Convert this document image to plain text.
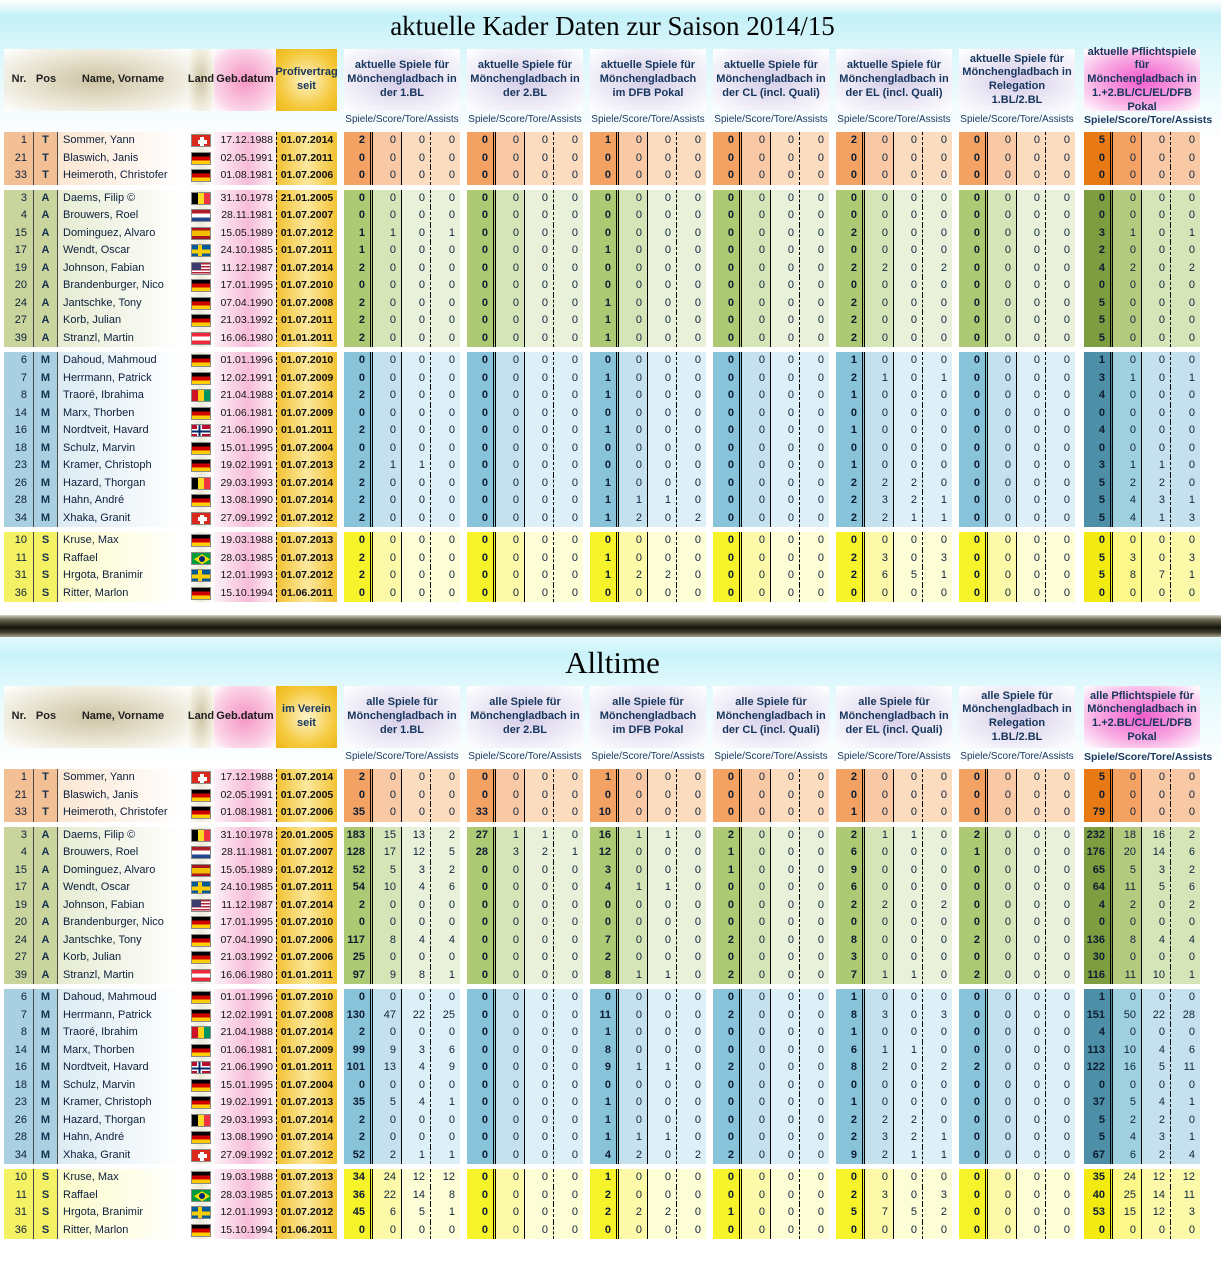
aktuelle Kader Daten zur Saison 2014/15
Nr. Pos	Name, Vorname	Land Geb.datum
Profivertrag seit
aktuelle Spiele für Mönchengladbach in der 1.BL
aktuelle Spiele für Mönchengladbach in der 2.BL
aktuelle Spiele für Mönchengladbach im DFB Pokal
aktuelle Spiele für Mönchengladbach in der CL (incl. Quali)
aktuelle Spiele für Mönchengladbach in der EL (incl. Quali)
aktuelle Spiele für Mönchengladbach in Relegation 1.BL/2.BL
aktuelle Pflichtspiele für Mönchengladbach in 1.+2.BL/CL/EL/DFB Pokal
Spiele/Score/Tore/Assists Spiele/Score/Tore/Assists Spiele/Score/Tore/Assists Spiele/Score/Tore/Assists Spiele/Score/Tore/Assists Spiele/Score/Tore/Assists Spiele/Score/Tore/Assists
1	T	Sommer, Yann	17.12.1988 01.07.2014	2	0	0	0	0	0	0	0	1	0	0	0	0	0	0	0	2	0	0	0	0	0	0	0	5	0	0	0
21	T	Blaswich, Janis	02.05.1991 01.07.2011	0	0	0	0	0	0	0	0	0	0	0	0	0	0	0	0	0	0	0	0	0	0	0	0	0	0	0	0
33	T	Heimeroth, Christofer	01.08.1981 01.07.2006	0	0	0	0	0	0	0	0	0	0	0	0	0	0	0	0	0	0	0	0	0	0	0	0	0	0	0	0
3	A	Daems, Filip ©	31.10.1978 21.01.2005	0	0	0	0	0	0	0	0	0	0	0	0	0	0	0	0	0	0	0	0	0	0	0	0	0	0	0	0
4	A	Brouwers, Roel	28.11.1981 01.07.2007	0	0	0	0	0	0	0	0	0	0	0	0	0	0	0	0	0	0	0	0	0	0	0	0	0	0	0	0
15	A	Dominguez, Alvaro	15.05.1989 01.07.2012	1	1	0	1	0	0	0	0	0	0	0	0	0	0	0	0	2	0	0	0	0	0	0	0	3	1	0	1
17	A	Wendt, Oscar	24.10.1985 01.07.2011	1	0	0	0	0	0	0	0	1	0	0	0	0	0	0	0	0	0	0	0	0	0	0	0	2	0	0	0
19	A	Johnson, Fabian	11.12.1987 01.07.2014	2	0	0	0	0	0	0	0	0	0	0	0	0	0	0	0	2	2	0	2	0	0	0	0	4	2	0	2
20	A	Brandenburger, Nico	17.01.1995 01.07.2010	0	0	0	0	0	0	0	0	0	0	0	0	0	0	0	0	0	0	0	0	0	0	0	0	0	0	0	0
24	A	Jantschke, Tony	07.04.1990 01.07.2008	2	0	0	0	0	0	0	0	1	0	0	0	0	0	0	0	2	0	0	0	0	0	0	0	5	0	0	0
27	A	Korb, Julian	21.03.1992 01.07.2011	2	0	0	0	0	0	0	0	1	0	0	0	0	0	0	0	2	0	0	0	0	0	0	0	5	0	0	0
39	A	Stranzl, Martin	16.06.1980 01.01.2011	2	0	0	0	0	0	0	0	1	0	0	0	0	0	0	0	2	0	0	0	0	0	0	0	5	0	0	0
6	M	Dahoud, Mahmoud	01.01.1996 01.07.2010	0	0	0	0	0	0	0	0	0	0	0	0	0	0	0	0	1	0	0	0	0	0	0	0	1	0	0	0
7	M	Herrmann, Patrick	12.02.1991 01.07.2009	0	0	0	0	0	0	0	0	1	0	0	0	0	0	0	0	2	1	0	1	0	0	0	0	3	1	0	1
8	M	Traoré, Ibrahima	21.04.1988 01.07.2014	2	0	0	0	0	0	0	0	1	0	0	0	0	0	0	0	1	0	0	0	0	0	0	0	4	0	0	0
14	M	Marx, Thorben	01.06.1981 01.07.2009	0	0	0	0	0	0	0	0	0	0	0	0	0	0	0	0	0	0	0	0	0	0	0	0	0	0	0	0
16	M	Nordtveit, Havard	21.06.1990 01.01.2011	2	0	0	0	0	0	0	0	1	0	0	0	0	0	0	0	1	0	0	0	0	0	0	0	4	0	0	0
18	M	Schulz, Marvin	15.01.1995 01.07.2004	0	0	0	0	0	0	0	0	0	0	0	0	0	0	0	0	0	0	0	0	0	0	0	0	0	0	0	0
23	M	Kramer, Christoph	19.02.1991 01.07.2013	2	1	1	0	0	0	0	0	0	0	0	0	0	0	0	0	1	0	0	0	0	0	0	0	3	1	1	0
26	M	Hazard, Thorgan	29.03.1993 01.07.2014	2	0	0	0	0	0	0	0	1	0	0	0	0	0	0	0	2	2	2	0	0	0	0	0	5	2	2	0
28	M	Hahn, André	13.08.1990 01.07.2014	2	0	0	0	0	0	0	0	1	1	1	0	0	0	0	0	2	3	2	1	0	0	0	0	5	4	3	1
34	M	Xhaka, Granit	27.09.1992 01.07.2012	2	0	0	0	0	0	0	0	1	2	0	2	0	0	0	0	2	2	1	1	0	0	0	0	5	4	1	3
10	S	Kruse, Max	19.03.1988 01.07.2013	0	0	0	0	0	0	0	0	0	0	0	0	0	0	0	0	0	0	0	0	0	0	0	0	0	0	0	0
11	S	Raffael	28.03.1985 01.07.2013	2	0	0	0	0	0	0	0	1	0	0	0	0	0	0	0	2	3	0	3	0	0	0	0	5	3	0	3
31	S	Hrgota, Branimir	12.01.1993 01.07.2012	2	0	0	0	0	0	0	0	1	2	2	0	0	0	0	0	2	6	5	1	0	0	0	0	5	8	7	1
36	S	Ritter, Marlon	15.10.1994 01.06.2011	0	0	0	0	0	0	0	0	0	0	0	0	0	0	0	0	0	0	0	0	0	0	0	0	0	0	0	0
Alltime
Nr. Pos	Name, Vorname	Land Geb.datum
im Verein seit
alle Spiele für Mönchengladbach in der 1.BL
alle Spiele für Mönchengladbach in der 2.BL
alle Spiele für Mönchengladbach im DFB Pokal
alle Spiele für Mönchengladbach in der CL (incl. Quali)
alle Spiele für Mönchengladbach in der EL (incl. Quali)
alle Spiele für Mönchengladbach in Relegation 1.BL/2.BL
alle Pflichtspiele für Mönchengladbach in 1.+2.BL/CL/EL/DFB Pokal
Spiele/Score/Tore/Assists Spiele/Score/Tore/Assists Spiele/Score/Tore/Assists Spiele/Score/Tore/Assists Spiele/Score/Tore/Assists Spiele/Score/Tore/Assists Spiele/Score/Tore/Assists
1	T	Sommer, Yann	17.12.1988 01.07.2014	2	0	0	0	0	0	0	0	1	0	0	0	0	0	0	0	2	0	0	0	0	0	0	0	5	0	0	0
21	T	Blaswich, Janis	02.05.1991 01.07.2005	0	0	0	0	0	0	0	0	0	0	0	0	0	0	0	0	0	0	0	0	0	0	0	0	0	0	0	0
33	T	Heimeroth, Christofer	01.08.1981 01.07.2006	35	0	0	0	33	0	0	0	10	0	0	0	0	0	0	0	1	0	0	0	0	0	0	0	79	0	0	0
3	A	Daems, Filip ©	31.10.1978 20.01.2005	183	15	13	2	27	1	1	0	16	1	1	0	2	0	0	0	2	1	1	0	2	0	0	0	232	18	16	2
4	A	Brouwers, Roel	28.11.1981 01.07.2007	128	17	12	5	28	3	2	1	12	0	0	0	1	0	0	0	6	0	0	0	1	0	0	0	176	20	14	6
15	A	Dominguez, Alvaro	15.05.1989 01.07.2012	52	5	3	2	0	0	0	0	3	0	0	0	1	0	0	0	9	0	0	0	0	0	0	0	65	5	3	2
17	A	Wendt, Oscar	24.10.1985 01.07.2011	54	10	4	6	0	0	0	0	4	1	1	0	0	0	0	0	6	0	0	0	0	0	0	0	64	11	5	6
19	A	Johnson, Fabian	11.12.1987 01.07.2014	2	0	0	0	0	0	0	0	0	0	0	0	0	0	0	0	2	2	0	2	0	0	0	0	4	2	0	2
20	A	Brandenburger, Nico	17.01.1995 01.07.2010	0	0	0	0	0	0	0	0	0	0	0	0	0	0	0	0	0	0	0	0	0	0	0	0	0	0	0	0
24	A	Jantschke, Tony	07.04.1990 01.07.2006	117	8	4	4	0	0	0	0	7	0	0	0	2	0	0	0	8	0	0	0	2	0	0	0	136	8	4	4
27	A	Korb, Julian	21.03.1992 01.07.2006	25	0	0	0	0	0	0	0	2	0	0	0	0	0	0	0	3	0	0	0	0	0	0	0	30	0	0	0
39	A	Stranzl, Martin	16.06.1980 01.01.2011	97	9	8	1	0	0	0	0	8	1	1	0	2	0	0	0	7	1	1	0	2	0	0	0	116	11	10	1
6	M	Dahoud, Mahmoud	01.01.1996 01.07.2010	0	0	0	0	0	0	0	0	0	0	0	0	0	0	0	0	1	0	0	0	0	0	0	0	1	0	0	0
7	M	Herrmann, Patrick	12.02.1991 01.07.2008	130	47	22	25	0	0	0	0	11	0	0	0	2	0	0	0	8	3	0	3	0	0	0	0	151	50	22	28
8	M	Traoré, Ibrahim	21.04.1988 01.07.2014	2	0	0	0	0	0	0	0	1	0	0	0	0	0	0	0	1	0	0	0	0	0	0	0	4	0	0	0
14	M	Marx, Thorben	01.06.1981 01.07.2009	99	9	3	6	0	0	0	0	8	0	0	0	0	0	0	0	6	1	1	0	0	0	0	0	113	10	4	6
16	M	Nordtveit, Havard	21.06.1990 01.01.2011	101	13	4	9	0	0	0	0	9	1	1	0	2	0	0	0	8	2	0	2	2	0	0	0	122	16	5	11
18	M	Schulz, Marvin	15.01.1995 01.07.2004	0	0	0	0	0	0	0	0	0	0	0	0	0	0	0	0	0	0	0	0	0	0	0	0	0	0	0	0
23	M	Kramer, Christoph	19.02.1991 01.07.2013	35	5	4	1	0	0	0	0	1	0	0	0	0	0	0	0	1	0	0	0	0	0	0	0	37	5	4	1
26	M	Hazard, Thorgan	29.03.1993 01.07.2014	2	0	0	0	0	0	0	0	1	0	0	0	0	0	0	0	2	2	2	0	0	0	0	0	5	2	2	0
28	M	Hahn, André	13.08.1990 01.07.2014	2	0	0	0	0	0	0	0	1	1	1	0	0	0	0	0	2	3	2	1	0	0	0	0	5	4	3	1
34	M	Xhaka, Granit	27.09.1992 01.07.2012	52	2	1	1	0	0	0	0	4	2	0	2	2	0	0	0	9	2	1	1	0	0	0	0	67	6	2	4
10	S	Kruse, Max	19.03.1988 01.07.2013	34	24	12	12	0	0	0	0	1	0	0	0	0	0	0	0	0	0	0	0	0	0	0	0	35	24	12	12
11	S	Raffael	28.03.1985 01.07.2013	36	22	14	8	0	0	0	0	2	0	0	0	0	0	0	0	2	3	0	3	0	0	0	0	40	25	14	11
31	S	Hrgota, Branimir	12.01.1993 01.07.2012	45	6	5	1	0	0	0	0	2	2	2	0	1	0	0	0	5	7	5	2	0	0	0	0	53	15	12	3
36	S	Ritter, Marlon	15.10.1994 01.06.2011	0	0	0	0	0	0	0	0	0	0	0	0	0	0	0	0	0	0	0	0	0	0	0	0	0	0	0	0
